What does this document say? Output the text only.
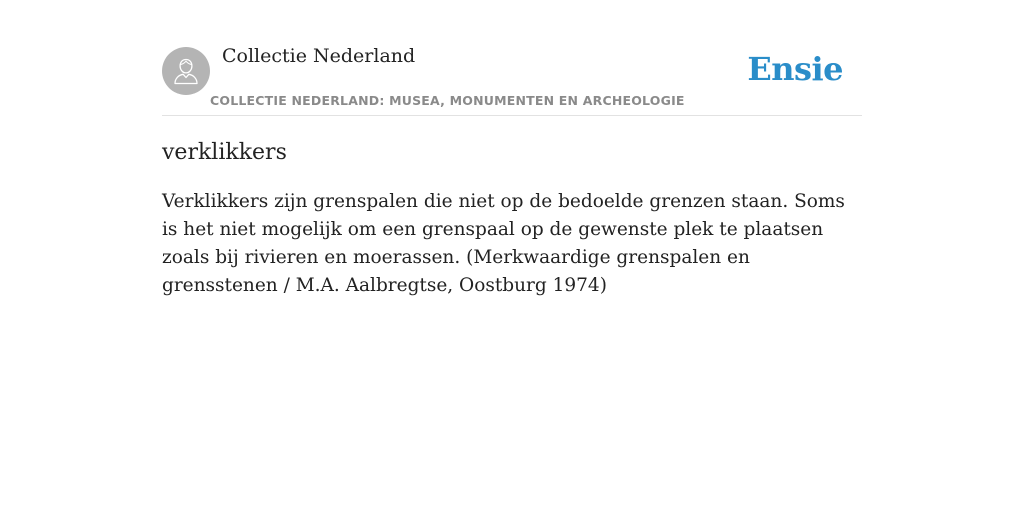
Collectie Nederland
COLLECTIE NEDERLAND: MUSEA, MONUMENTEN EN ARCHEOLOGIE
Ensie
verklikkers

Verklikkers zijn grenspalen die niet op de bedoelde grenzen staan. Soms is het niet mogelijk om een grenspaal op de gewenste plek te plaatsen zoals bij rivieren en moerassen. (Merkwaardige grenspalen en grensstenen / M.A. Aalbregtse, Oostburg 1974)
